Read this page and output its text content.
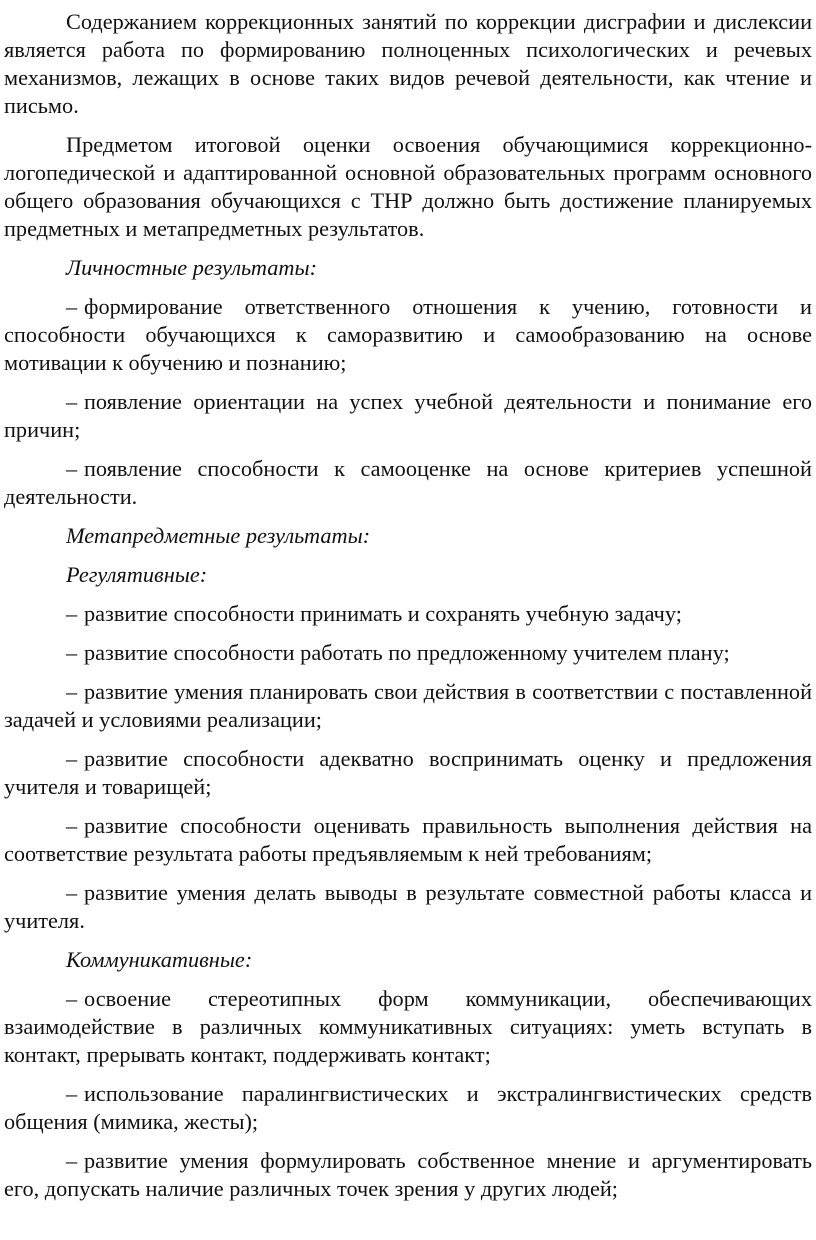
Содержанием коррекционных занятий по коррекции дисграфии и дислексии является работа по формированию полноценных психологических и речевых механизмов, лежащих в основе таких видов речевой деятельности, как чтение и письмо.

Предметом итоговой оценки освоения обучающимися коррекционно-логопедической и адаптированной основной образовательных программ основного общего образования обучающихся с ТНР должно быть достижение планируемых предметных и метапредметных результатов.

Личностные результаты:

– формирование ответственного отношения к учению, готовности и способности обучающихся к саморазвитию и самообразованию на основе мотивации к обучению и познанию;

– появление ориентации на успех учебной деятельности и понимание его причин;

– появление способности к самооценке на основе критериев успешной деятельности.

Метапредметные результаты:

Регулятивные:

– развитие способности принимать и сохранять учебную задачу;

– развитие способности работать по предложенному учителем плану;

– развитие умения планировать свои действия в соответствии с поставленной задачей и условиями реализации;

– развитие способности адекватно воспринимать оценку и предложения учителя и товарищей;

– развитие способности оценивать правильность выполнения действия на соответствие результата работы предъявляемым к ней требованиям;

– развитие умения делать выводы в результате совместной работы класса и учителя.

Коммуникативные:

– освоение стереотипных форм коммуникации, обеспечивающих взаимодействие в различных коммуникативных ситуациях: уметь вступать в контакт, прерывать контакт, поддерживать контакт;

– использование паралингвистических и экстралингвистических средств общения (мимика, жесты);

– развитие умения формулировать собственное мнение и аргументировать его, допускать наличие различных точек зрения у других людей;
